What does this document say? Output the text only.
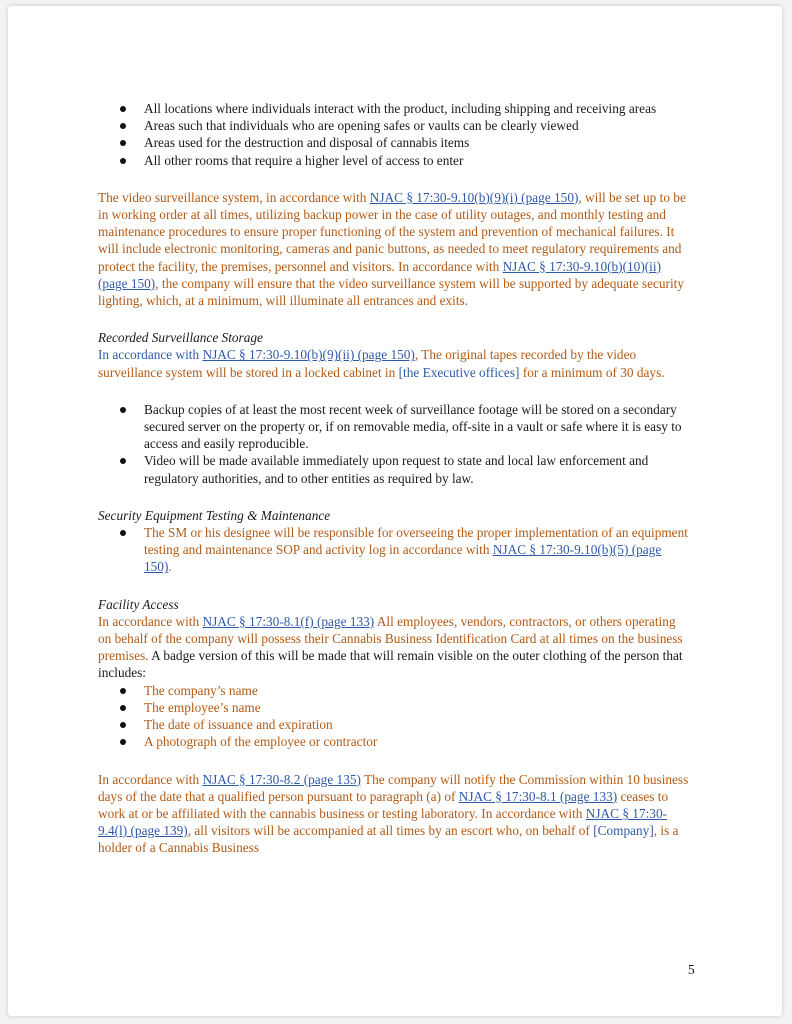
All locations where individuals interact with the product, including shipping and receiving areas
Areas such that individuals who are opening safes or vaults can be clearly viewed
Areas used for the destruction and disposal of cannabis items
All other rooms that require a higher level of access to enter

The video surveillance system, in accordance with NJAC § 17:30-9.10(b)(9)(i) (page 150), will be set up to be in working order at all times, utilizing backup power in the case of utility outages, and monthly testing and maintenance procedures to ensure proper functioning of the system and prevention of mechanical failures. It will include electronic monitoring, cameras and panic buttons, as needed to meet regulatory requirements and protect the facility, the premises, personnel and visitors. In accordance with NJAC § 17:30-9.10(b)(10)(ii) (page 150), the company will ensure that the video surveillance system will be supported by adequate security lighting, which, at a minimum, will illuminate all entrances and exits.

Recorded Surveillance Storage

In accordance with NJAC § 17:30-9.10(b)(9)(ii) (page 150), The original tapes recorded by the video surveillance system will be stored in a locked cabinet in [the Executive offices] for a minimum of 30 days.

Backup copies of at least the most recent week of surveillance footage will be stored on a secondary secured server on the property or, if on removable media, off-site in a vault or safe where it is easy to access and easily reproducible.
Video will be made available immediately upon request to state and local law enforcement and regulatory authorities, and to other entities as required by law.

Security Equipment Testing & Maintenance

The SM or his designee will be responsible for overseeing the proper implementation of an equipment testing and maintenance SOP and activity log in accordance with NJAC § 17:30-9.10(b)(5) (page 150).

Facility Access

In accordance with NJAC § 17:30-8.1(f) (page 133) All employees, vendors, contractors, or others operating on behalf of the company will possess their Cannabis Business Identification Card at all times on the business premises. A badge version of this will be made that will remain visible on the outer clothing of the person that includes:

The company’s name
The employee’s name
The date of issuance and expiration
A photograph of the employee or contractor

In accordance with NJAC § 17:30-8.2 (page 135) The company will notify the Commission within 10 business days of the date that a qualified person pursuant to paragraph (a) of NJAC § 17:30-8.1 (page 133) ceases to work at or be affiliated with the cannabis business or testing laboratory. In accordance with NJAC § 17:30-9.4(l) (page 139), all visitors will be accompanied at all times by an escort who, on behalf of [Company], is a holder of a Cannabis Business

5
